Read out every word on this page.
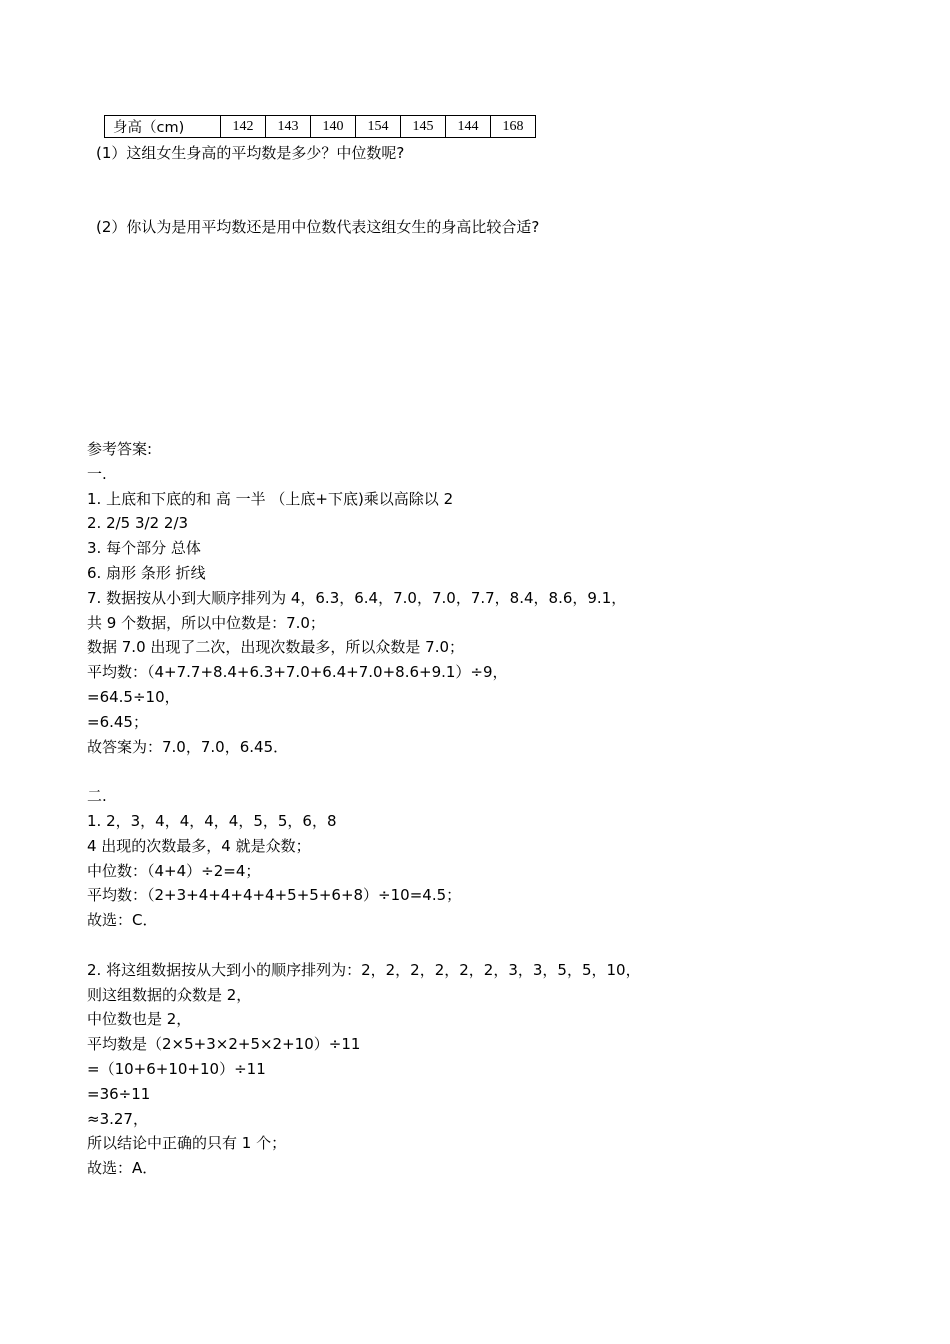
身高（cm)	142	143	140	154	145	144	168
(1）这组女生身高的平均数是多少？中位数呢?
(2）你认为是用平均数还是用中位数代表这组女生的身高比较合适?
参考答案:
一.
1. 上底和下底的和 高 一半 （上底+下底)乘以高除以 2
2. 2/5 3/2 2/3
3. 每个部分 总体
6. 扇形 条形 折线
7. 数据按从小到大顺序排列为 4，6.3，6.4，7.0，7.0，7.7，8.4，8.6，9.1，
共 9 个数据，所以中位数是：7.0；
数据 7.0 出现了二次，出现次数最多，所以众数是 7.0；
平均数：（4+7.7+8.4+6.3+7.0+6.4+7.0+8.6+9.1）÷9，
=64.5÷10，
=6.45；
故答案为：7.0，7.0，6.45．
二.
1. 2，3，4，4，4，4，5，5，6，8
4 出现的次数最多，4 就是众数；
中位数：（4+4）÷2=4；
平均数：（2+3+4+4+4+4+5+5+6+8）÷10=4.5；
故选：C．
2. 将这组数据按从大到小的顺序排列为：2，2，2，2，2，2，3，3，5，5，10，
则这组数据的众数是 2，
中位数也是 2，
平均数是（2×5+3×2+5×2+10）÷11
=（10+6+10+10）÷11
=36÷11
≈3.27，
所以结论中正确的只有 1 个；
故选：A．
